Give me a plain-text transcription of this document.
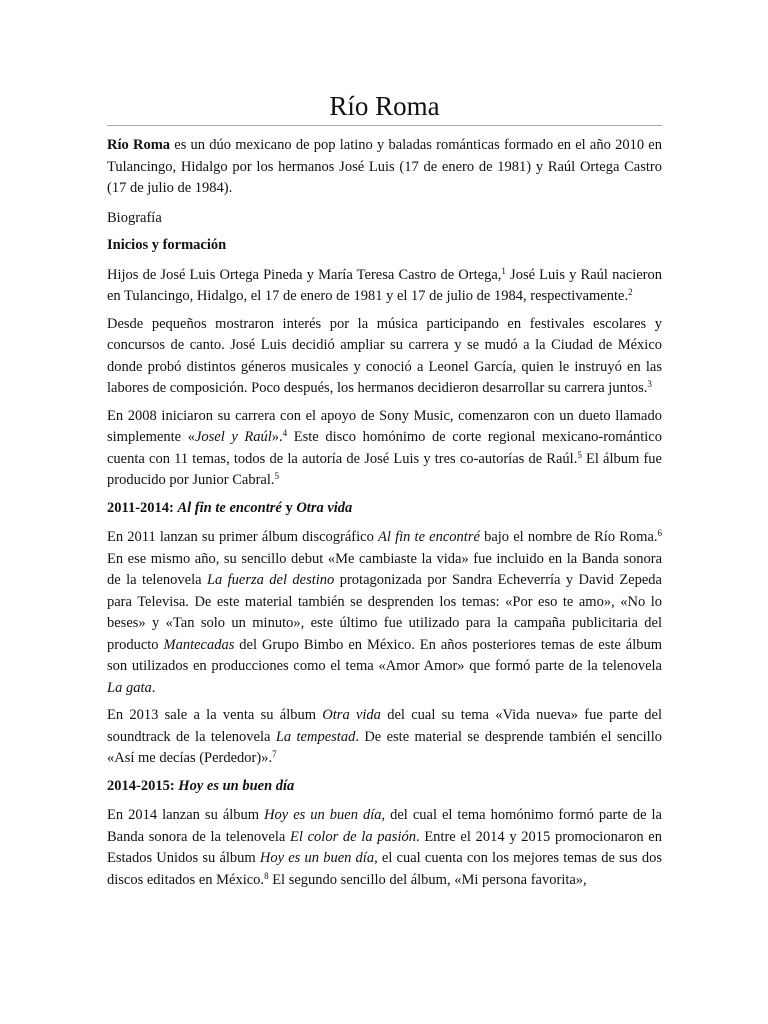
Río Roma

Río Roma es un dúo mexicano de pop latino y baladas románticas formado en el año 2010 en Tulancingo, Hidalgo por los hermanos José Luis (17 de enero de 1981) y Raúl Ortega Castro (17 de julio de 1984).

Biografía

Inicios y formación

Hijos de José Luis Ortega Pineda y María Teresa Castro de Ortega,$^1$ José Luis y Raúl nacieron en Tulancingo, Hidalgo, el 17 de enero de 1981 y el 17 de julio de 1984, respectivamente.$^2$

Desde pequeños mostraron interés por la música participando en festivales escolares y concursos de canto. José Luis decidió ampliar su carrera y se mudó a la Ciudad de México donde probó distintos géneros musicales y conoció a Leonel García, quien le instruyó en las labores de composición. Poco después, los hermanos decidieron desarrollar su carrera juntos.$^3$

En 2008 iniciaron su carrera con el apoyo de Sony Music, comenzaron con un dueto llamado simplemente «Josel y Raúl».$^4$ Este disco homónimo de corte regional mexicano-romántico cuenta con 11 temas, todos de la autoría de José Luis y tres co-autorías de Raúl.$^5$ El álbum fue producido por Junior Cabral.$^5$

2011-2014: Al fin te encontré y Otra vida

En 2011 lanzan su primer álbum discográfico Al fin te encontré bajo el nombre de Río Roma.$^6$ En ese mismo año, su sencillo debut «Me cambiaste la vida» fue incluido en la Banda sonora de la telenovela La fuerza del destino protagonizada por Sandra Echeverría y David Zepeda para Televisa. De este material también se desprenden los temas: «Por eso te amo», «No lo beses» y «Tan solo un minuto», este último fue utilizado para la campaña publicitaria del producto Mantecadas del Grupo Bimbo en México. En años posteriores temas de este álbum son utilizados en producciones como el tema «Amor Amor» que formó parte de la telenovela La gata.

En 2013 sale a la venta su álbum Otra vida del cual su tema «Vida nueva» fue parte del soundtrack de la telenovela La tempestad. De este material se desprende también el sencillo «Así me decías (Perdedor)».$^7$

2014-2015: Hoy es un buen día

En 2014 lanzan su álbum Hoy es un buen día, del cual el tema homónimo formó parte de la Banda sonora de la telenovela El color de la pasión. Entre el 2014 y 2015 promocionaron en Estados Unidos su álbum Hoy es un buen día, el cual cuenta con los mejores temas de sus dos discos editados en México.$^8$ El segundo sencillo del álbum, «Mi persona favorita»,
